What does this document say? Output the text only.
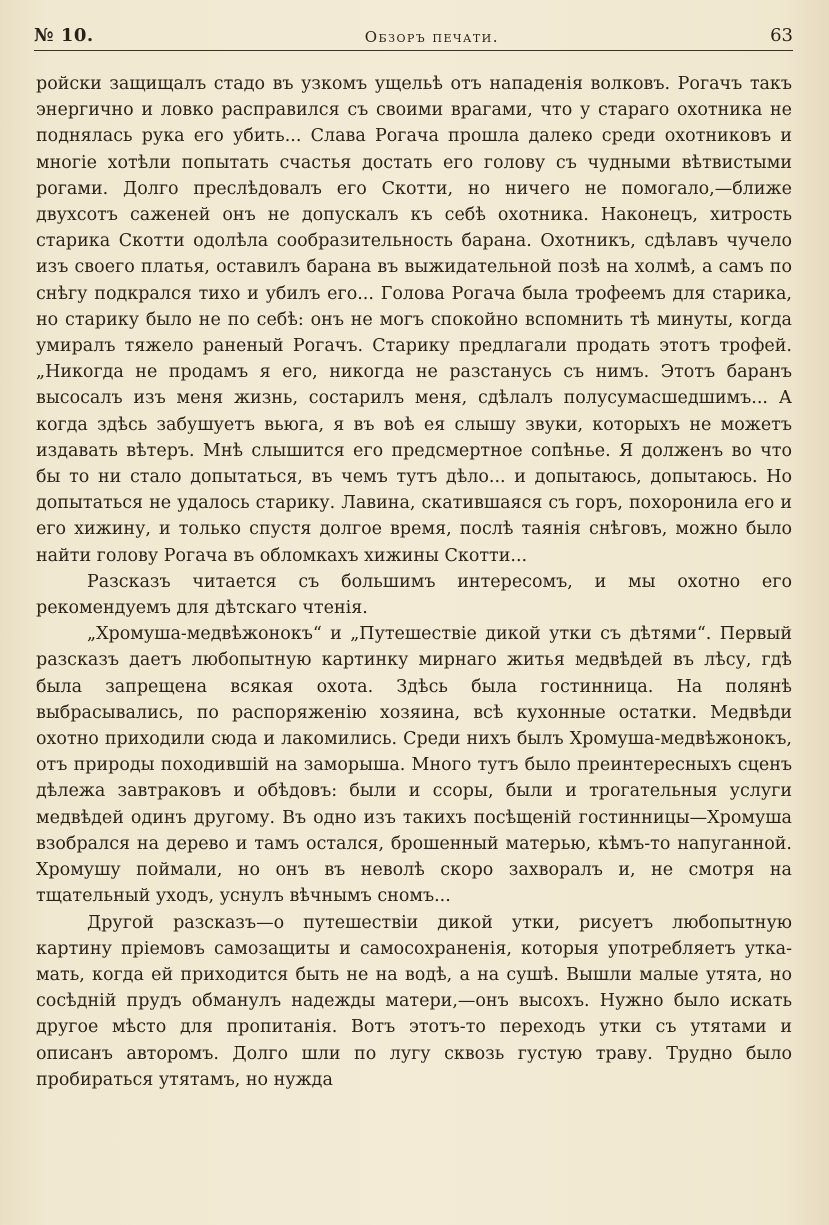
№ 10.	Обзоръ печати.	63

ройски защищалъ стадо въ узкомъ ущельѣ отъ нападенія волковъ. Рогачъ такъ энергично и ловко расправился съ своими врагами, что у стараго охотника не поднялась рука его убить... Слава Рогача прошла далеко среди охотниковъ и многіе хотѣли попытать счастья достать его голову съ чудными вѣтвистыми рогами. Долго преслѣдовалъ его Скотти, но ничего не помогало,—ближе двухсотъ саженей онъ не допускалъ къ себѣ охотника. Наконецъ, хитрость старика Скотти одолѣла сообразительность барана. Охотникъ, сдѣлавъ чучело изъ своего платья, оставилъ барана въ выжидательной позѣ на холмѣ, а самъ по снѣгу подкрался тихо и убилъ его... Голова Рогача была трофеемъ для старика, но старику было не по себѣ: онъ не могъ спокойно вспомнить тѣ минуты, когда умиралъ тяжело раненый Рогачъ. Старику предлагали продать этотъ трофей. „Никогда не продамъ я его, никогда не разстанусь съ нимъ. Этотъ баранъ высосалъ изъ меня жизнь, состарилъ меня, сдѣлалъ полусумасшедшимъ... А когда здѣсь забушуетъ вьюга, я въ воѣ ея слышу звуки, которыхъ не можетъ издавать вѣтеръ. Мнѣ слышится его предсмертное сопѣнье. Я долженъ во что бы то ни стало допытаться, въ чемъ тутъ дѣло... и допытаюсь, допытаюсь. Но допытаться не удалось старику. Лавина, скатившаяся съ горъ, похоронила его и его хижину, и только спустя долгое время, послѣ таянія снѣговъ, можно было найти голову Рогача въ обломкахъ хижины Скотти...

Разсказъ читается съ большимъ интересомъ, и мы охотно его рекомендуемъ для дѣтскаго чтенія.

„Хромуша-медвѣжонокъ“ и „Путешествіе дикой утки съ дѣтями“. Первый разсказъ даетъ любопытную картинку мирнаго житья медвѣдей въ лѣсу, гдѣ была запрещена всякая охота. Здѣсь была гостинница. На полянѣ выбрасывались, по распоряженію хозяина, всѣ кухонные остатки. Медвѣди охотно приходили сюда и лакомились. Среди нихъ былъ Хромуша-медвѣжонокъ, отъ природы походившій на заморыша. Много тутъ было преинтересныхъ сценъ дѣлежа завтраковъ и обѣдовъ: были и ссоры, были и трогательныя услуги медвѣдей одинъ другому. Въ одно изъ такихъ посѣщеній гостинницы—Хромуша взобрался на дерево и тамъ остался, брошенный матерью, кѣмъ-то напуганной. Хромушу поймали, но онъ въ неволѣ скоро захворалъ и, не смотря на тщательный уходъ, уснулъ вѣчнымъ сномъ...

Другой разсказъ—о путешествіи дикой утки, рисуетъ любопытную картину пріемовъ самозащиты и самосохраненія, которыя употребляетъ утка-мать, когда ей приходится быть не на водѣ, а на сушѣ. Вышли малые утята, но сосѣдній прудъ обманулъ надежды матери,—онъ высохъ. Нужно было искать другое мѣсто для пропитанія. Вотъ этотъ-то переходъ утки съ утятами и описанъ авторомъ. Долго шли по лугу сквозь густую траву. Трудно было пробираться утятамъ, но нужда
